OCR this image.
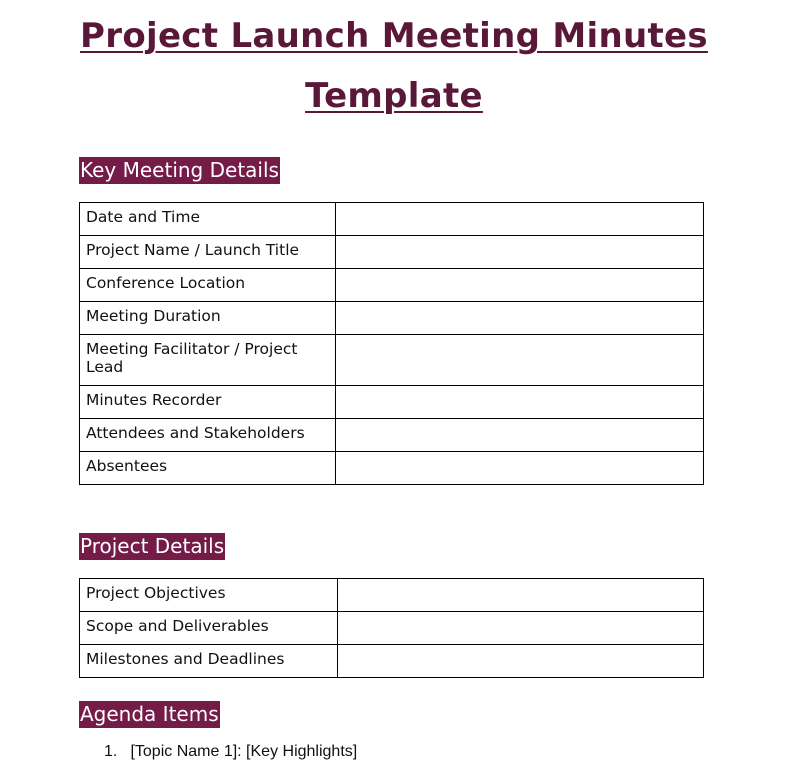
Project Launch Meeting Minutes
Template
Key Meeting Details
Date and Time	
Project Name / Launch Title	
Conference Location	
Meeting Duration	
Meeting Facilitator / Project Lead	
Minutes Recorder	
Attendees and Stakeholders	
Absentees	
Project Details
Project Objectives	
Scope and Deliverables	
Milestones and Deadlines	
Agenda Items

1. [Topic Name 1]: [Key Highlights]
